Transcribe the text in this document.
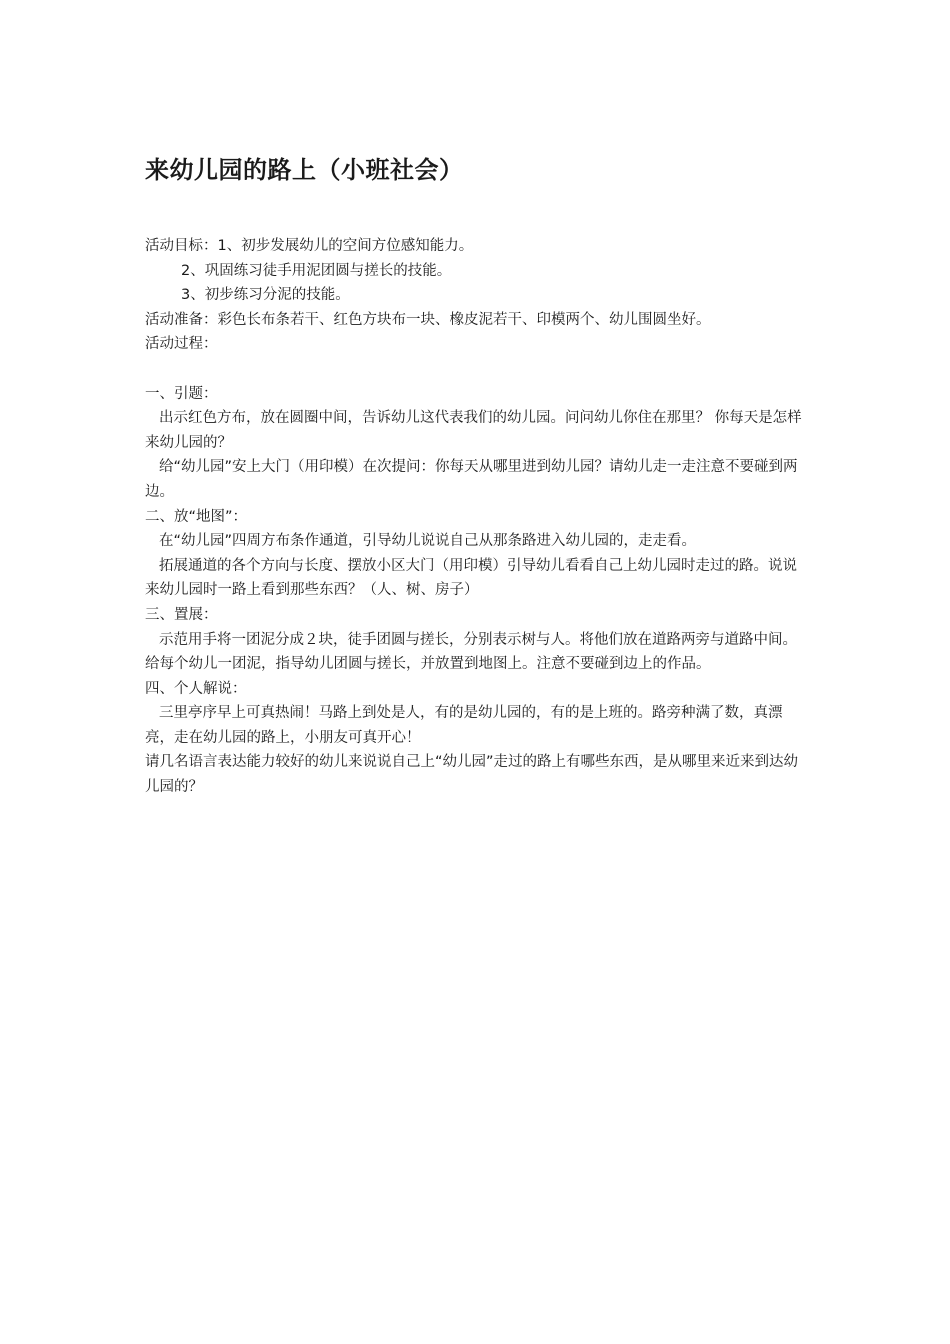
来幼儿园的路上（小班社会）

活动目标：1、初步发展幼儿的空间方位感知能力。

2、巩固练习徒手用泥团圆与搓长的技能。

3、初步练习分泥的技能。

活动准备：彩色长布条若干、红色方块布一块、橡皮泥若干、印模两个、幼儿围圆坐好。

活动过程：

一、引题：

出示红色方布，放在圆圈中间，告诉幼儿这代表我们的幼儿园。问问幼儿你住在那里？ 你每天是怎样来幼儿园的？

给“幼儿园”安上大门（用印模）在次提问：你每天从哪里进到幼儿园？请幼儿走一走注意不要碰到两边。

二、放“地图”：

在“幼儿园”四周方布条作通道，引导幼儿说说自己从那条路进入幼儿园的，走走看。

拓展通道的各个方向与长度、摆放小区大门（用印模）引导幼儿看看自己上幼儿园时走过的路。说说来幼儿园时一路上看到那些东西？（人、树、房子）

三、置展：

示范用手将一团泥分成２块，徒手团圆与搓长，分别表示树与人。将他们放在道路两旁与道路中间。

给每个幼儿一团泥，指导幼儿团圆与搓长，并放置到地图上。注意不要碰到边上的作品。

四、个人解说：

三里亭序早上可真热闹！马路上到处是人，有的是幼儿园的，有的是上班的。路旁种满了数，真漂亮，走在幼儿园的路上，小朋友可真开心！

请几名语言表达能力较好的幼儿来说说自己上“幼儿园”走过的路上有哪些东西，是从哪里来近来到达幼儿园的？
